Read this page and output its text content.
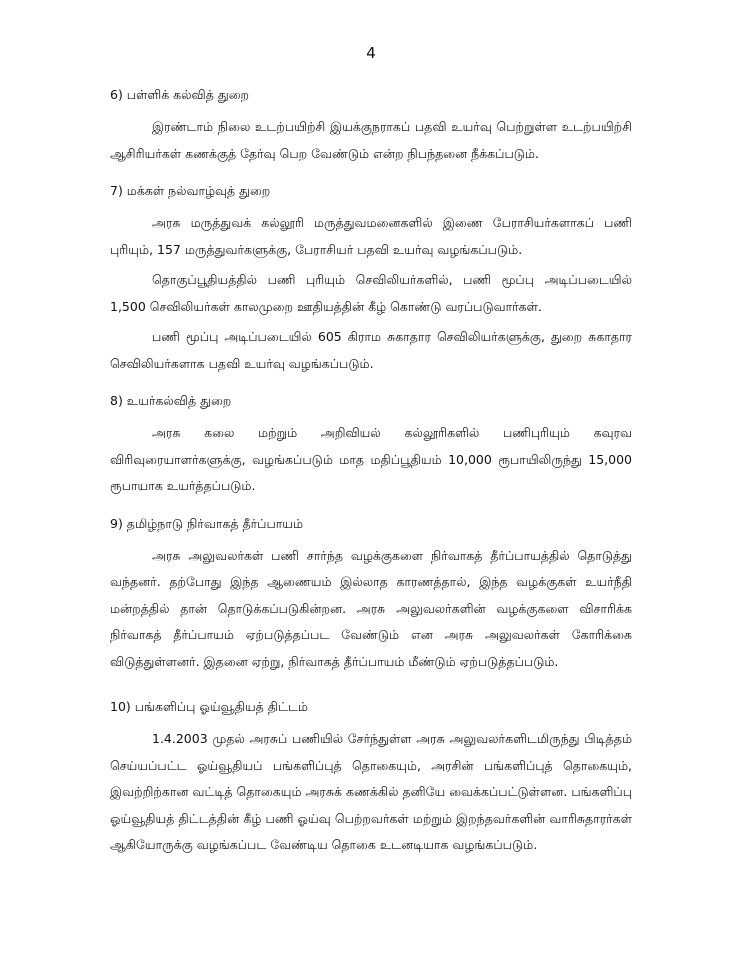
4
6) பள்ளிக் கல்வித் துறை

இரண்டாம் நிலை உடற்பயிற்சி இயக்குநராகப் பதவி உயர்வு பெற்றுள்ள உடற்பயிற்சி ஆசிரியர்கள் கணக்குத் தேர்வு பெற வேண்டும் என்ற நிபந்தனை நீக்கப்படும்.

7) மக்கள் நல்வாழ்வுத் துறை

அரசு மருத்துவக் கல்லூரி மருத்துவமனைகளில் இணை பேராசியர்களாகப் பணி புரியும், 157 மருத்துவர்களுக்கு, பேராசியர் பதவி உயர்வு வழங்கப்படும்.

தொகுப்பூதியத்தில் பணி புரியும் செவிலியர்களில், பணி மூப்பு அடிப்படையில் 1,500 செவிலியர்கள் காலமுறை ஊதியத்தின் கீழ் கொண்டு வரப்படுவார்கள்.

பணி மூப்பு அடிப்படையில் 605 கிராம சுகாதார செவிலியர்களுக்கு, துறை சுகாதார செவிலியர்களாக பதவி உயர்வு வழங்கப்படும்.

8) உயர்கல்வித் துறை

அரசு கலை மற்றும் அறிவியல் கல்லூரிகளில் பணிபுரியும் கவுரவ விரிவுரையாளர்களுக்கு, வழங்கப்படும் மாத மதிப்பூதியம் 10,000 ரூபாயிலிருந்து 15,000 ரூபாயாக உயர்த்தப்படும்.

9) தமிழ்நாடு நிர்வாகத் தீர்ப்பாயம்

அரசு அலுவலர்கள் பணி சார்ந்த வழக்குகளை நிர்வாகத் தீர்ப்பாயத்தில் தொடுத்து வந்தனர். தற்போது இந்த ஆணையம் இல்லாத காரணத்தால், இந்த வழக்குகள் உயர்நீதி மன்றத்தில் தான் தொடுக்கப்படுகின்றன. அரசு அலுவலர்களின் வழக்குகளை விசாரிக்க நிர்வாகத் தீர்ப்பாயம் ஏற்படுத்தப்பட வேண்டும் என அரசு அலுவலர்கள் கோரிக்கை விடுத்துள்ளனர். இதனை ஏற்று, நிர்வாகத் தீர்ப்பாயம் மீண்டும் ஏற்படுத்தப்படும்.

10) பங்களிப்பு ஓய்வூதியத் திட்டம்

1.4.2003 முதல் அரசுப் பணியில் சேர்ந்துள்ள அரசு அலுவலர்களிடமிருந்து பிடித்தம் செய்யப்பட்ட ஓய்வூதியப் பங்களிப்புத் தொகையும், அரசின் பங்களிப்புத் தொகையும், இவற்றிற்கான வட்டித் தொகையும் அரசுக் கணக்கில் தனியே வைக்கப்பட்டுள்ளன. பங்களிப்பு ஓய்வூதியத் திட்டத்தின் கீழ் பணி ஓய்வு பெற்றவர்கள் மற்றும் இறந்தவர்களின் வாரிசுதாரர்கள் ஆகியோருக்கு வழங்கப்பட வேண்டிய தொகை உடனடியாக வழங்கப்படும்.
